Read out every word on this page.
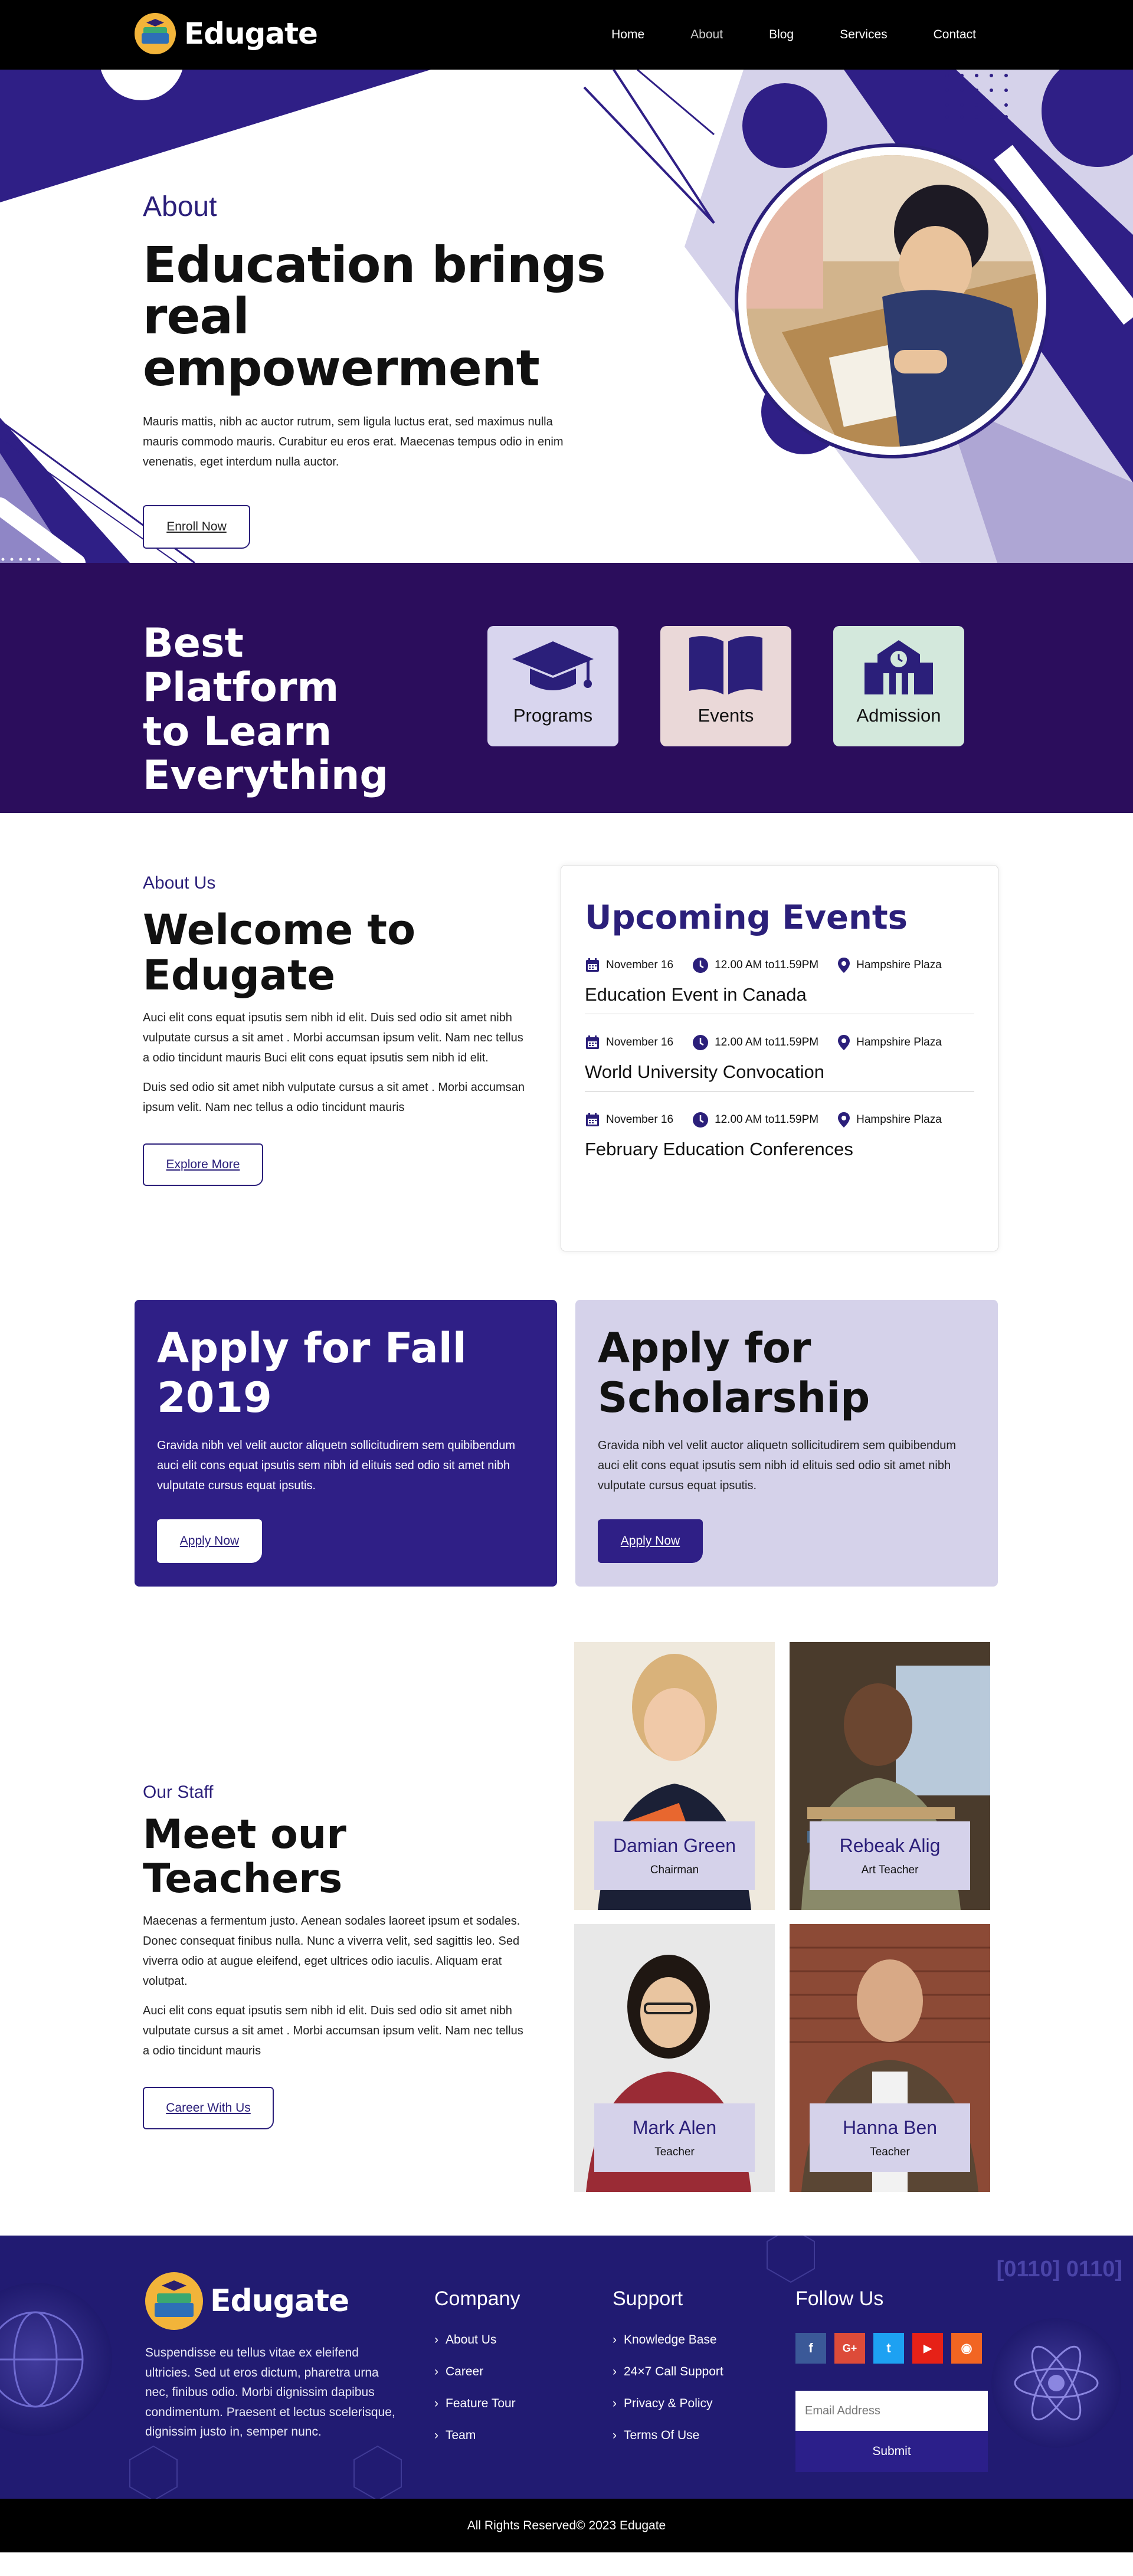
Edugate	Home	About	Blog	Services	Contact
About
Education brings
real empowerment

Mauris mattis, nibh ac auctor rutrum, sem ligula luctus erat, sed maximus nulla mauris commodo mauris. Curabitur eu eros erat. Maecenas tempus odio in enim venenatis, eget interdum nulla auctor.

Enroll Now
Best Platform
to Learn
Everything
Programs	Events	Admission
About Us
Welcome to
Edugate

Auci elit cons equat ipsutis sem nibh id elit. Duis sed odio sit amet nibh vulputate cursus a sit amet . Morbi accumsan ipsum velit. Nam nec tellus a odio tincidunt mauris Buci elit cons equat ipsutis sem nibh id elit.

Duis sed odio sit amet nibh vulputate cursus a sit amet . Morbi accumsan ipsum velit. Nam nec tellus a odio tincidunt mauris

Explore More
Upcoming Events
November 16	12.00 AM to11.59PM	Hampshire Plaza
Education Event in Canada
November 16	12.00 AM to11.59PM	Hampshire Plaza
World University Convocation
November 16	12.00 AM to11.59PM	Hampshire Plaza
February Education Conferences
Apply for Fall
2019

Gravida nibh vel velit auctor aliquetn sollicitudirem sem quibibendum auci elit cons equat ipsutis sem nibh id elituis sed odio sit amet nibh vulputate cursus equat ipsutis.

Apply Now
Apply for
Scholarship

Gravida nibh vel velit auctor aliquetn sollicitudirem sem quibibendum auci elit cons equat ipsutis sem nibh id elituis sed odio sit amet nibh vulputate cursus equat ipsutis.

Apply Now
Our Staff
Meet our Teachers

Maecenas a fermentum justo. Aenean sodales laoreet ipsum et sodales. Donec consequat finibus nulla. Nunc a viverra velit, sed sagittis leo. Sed viverra odio at augue eleifend, eget ultrices odio iaculis. Aliquam erat volutpat.

Auci elit cons equat ipsutis sem nibh id elit. Duis sed odio sit amet nibh vulputate cursus a sit amet . Morbi accumsan ipsum velit. Nam nec tellus a odio tincidunt mauris

Career With Us
Damian Green
Chairman
Rebeak Alig
Art Teacher
Mark Alen
Teacher
Hanna Ben
Teacher
[0110] 0110]
Edugate

Suspendisse eu tellus vitae ex eleifend ultricies. Sed ut eros dictum, pharetra urna nec, finibus odio. Morbi dignissim dapibus condimentum. Praesent et lectus scelerisque, dignissim justo in, semper nunc.

Company
› About Us
› Career
› Feature Tour
› Team
Support
› Knowledge Base
› 24×7 Call Support
› Privacy & Policy
› Terms Of Use
Follow Us
f	G+	t	▶	◉
Email Address
Submit
All Rights Reserved© 2023 Edugate
